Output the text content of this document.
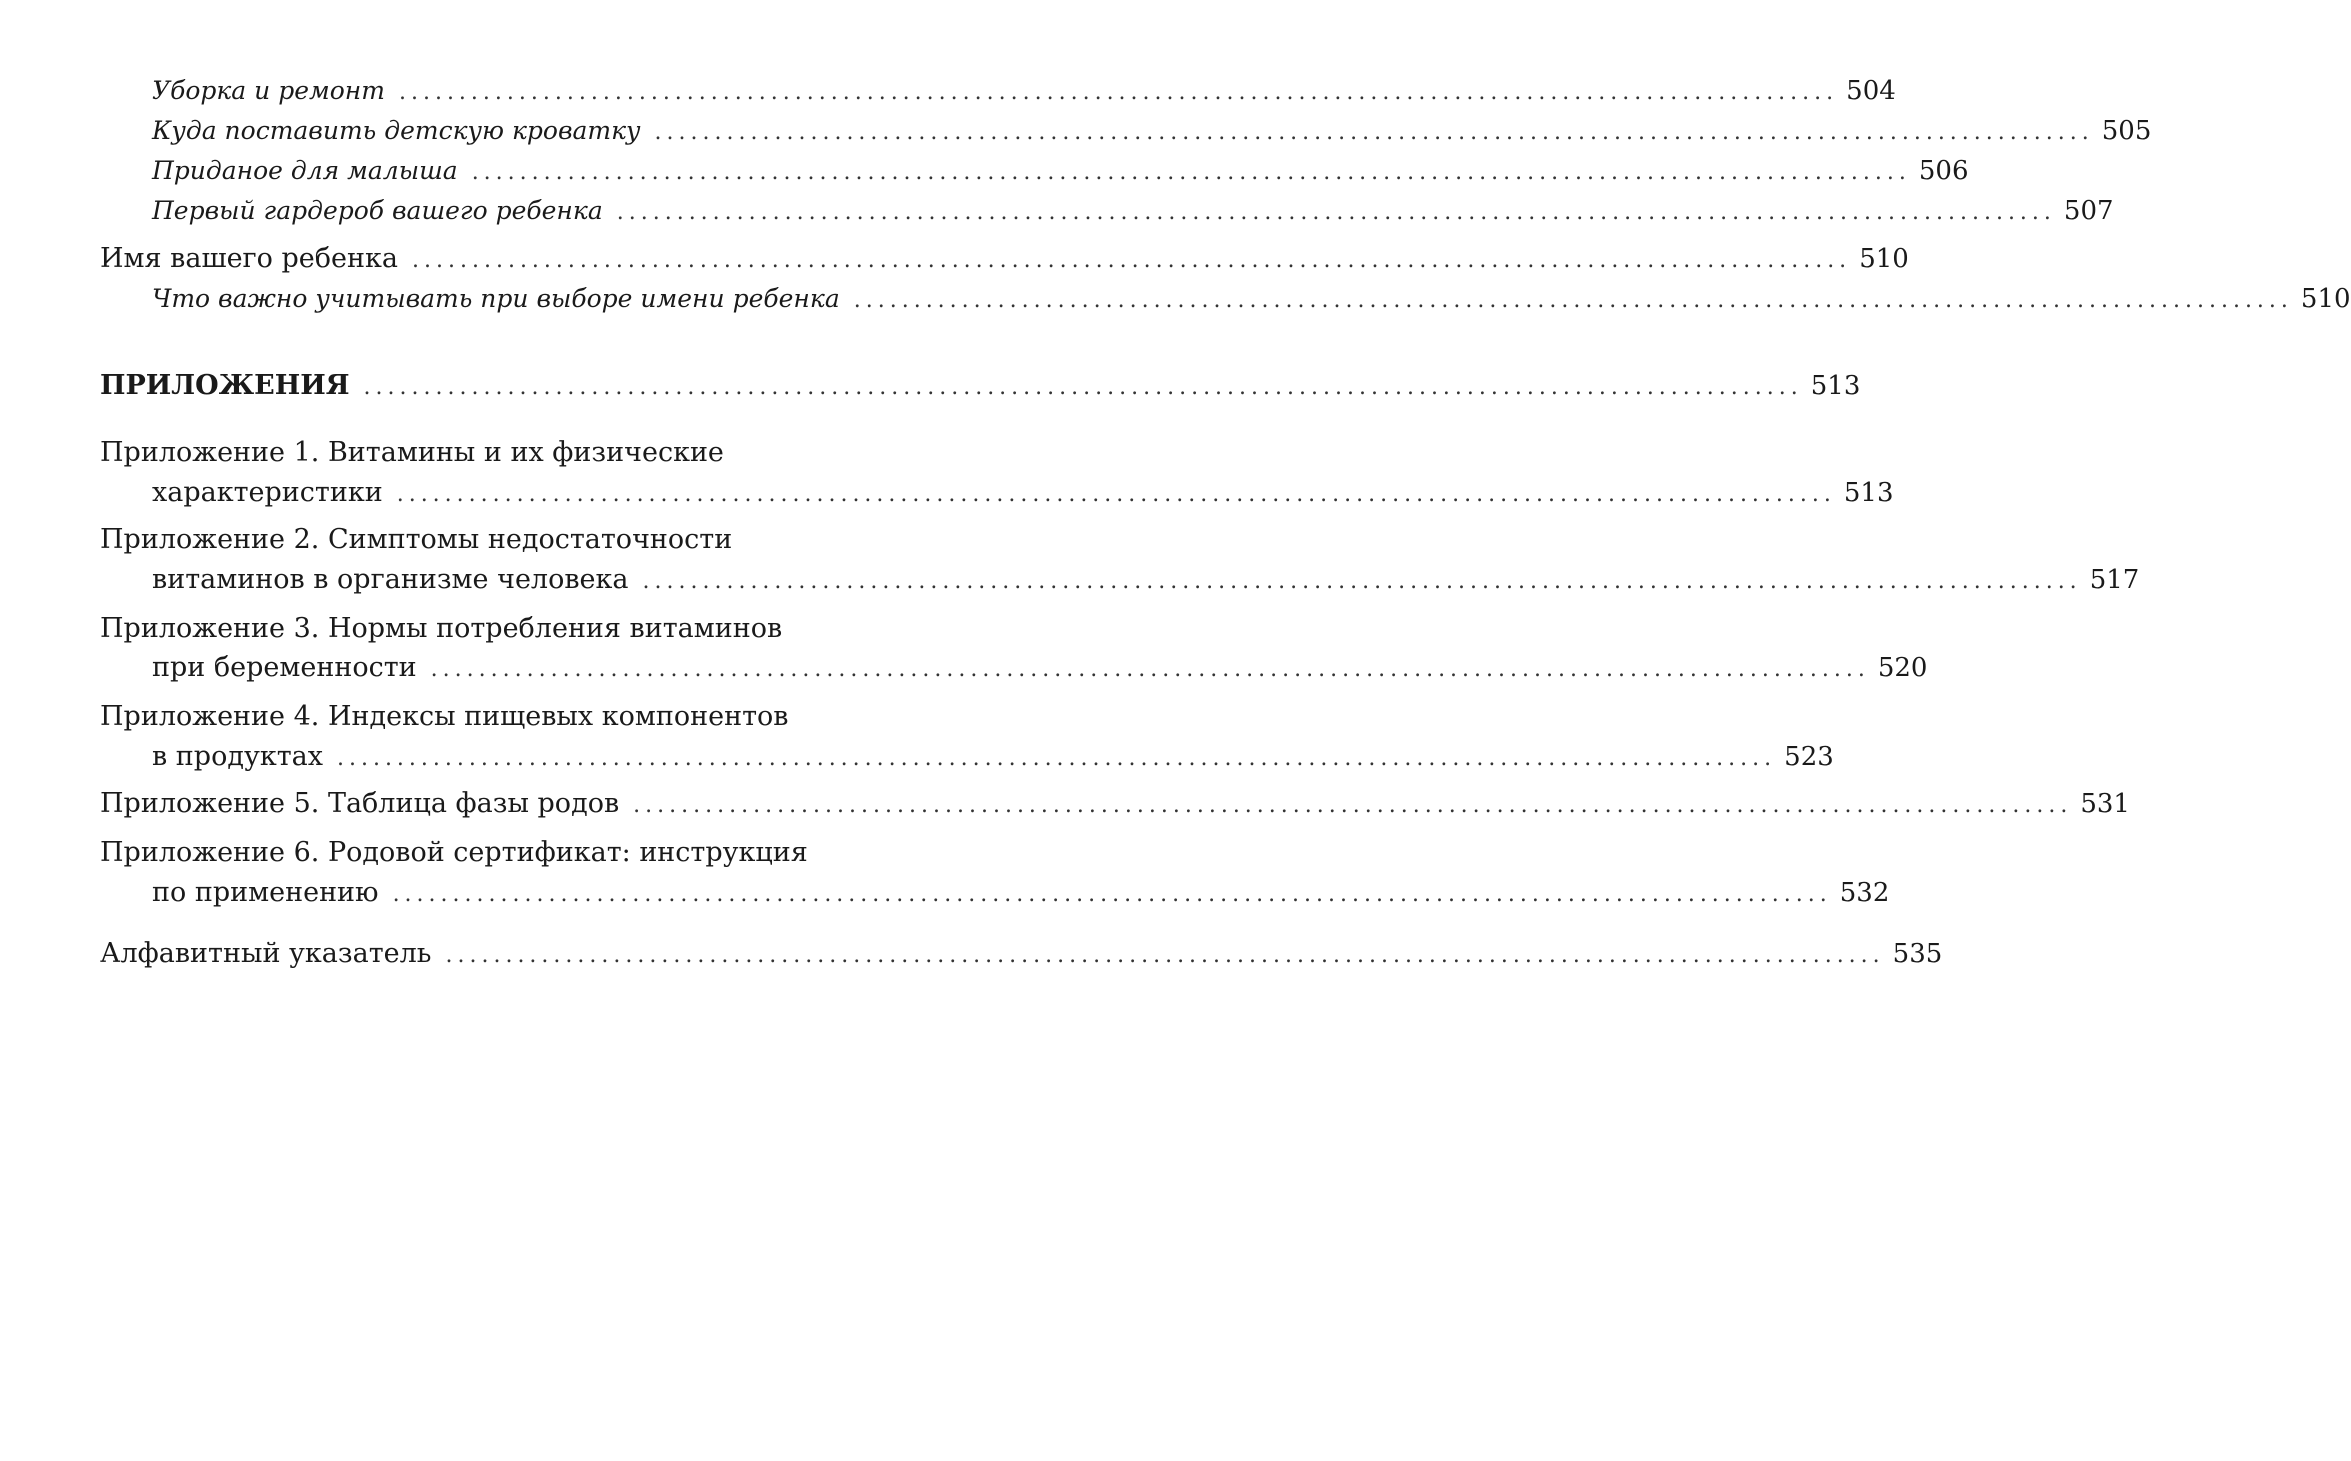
Уборка и ремонт ........................................................................................................................ 504
Куда поставить детскую кроватку ........................................................................................................................ 505
Приданое для малыша ........................................................................................................................ 506
Первый гардероб вашего ребенка ........................................................................................................................ 507
Имя вашего ребенка ........................................................................................................................ 510
Что важно учитывать при выборе имени ребенка ........................................................................................................................ 510
ПРИЛОЖЕНИЯ ........................................................................................................................ 513
Приложение 1. Витамины и их физические
характеристики ........................................................................................................................ 513
Приложение 2. Симптомы недостаточности
витаминов в организме человека ........................................................................................................................ 517
Приложение 3. Нормы потребления витаминов
при беременности ........................................................................................................................ 520
Приложение 4. Индексы пищевых компонентов
в продуктах ........................................................................................................................ 523
Приложение 5. Таблица фазы родов ........................................................................................................................ 531
Приложение 6. Родовой сертификат: инструкция
по применению ........................................................................................................................ 532
Алфавитный указатель ........................................................................................................................ 535
